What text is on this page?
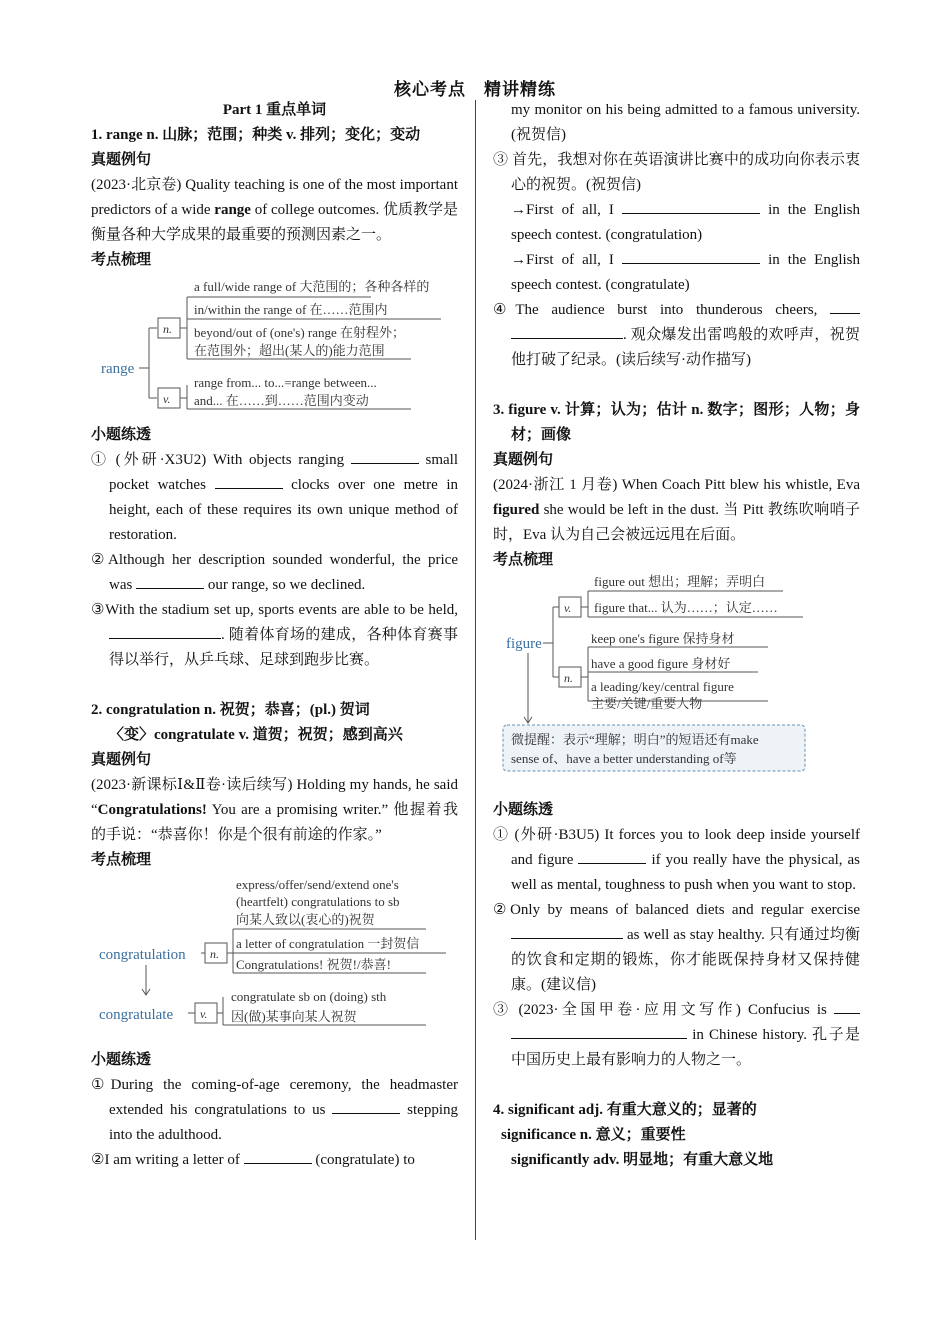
核心考点　精讲精练
Part 1 重点单词
1. range n. 山脉；范围；种类 v. 排列；变化；变动
真题例句
(2023·北京卷) Quality teaching is one of the most important predictors of a wide range of college outcomes. 优质教学是衡量各种大学成果的最重要的预测因素之一。
考点梳理
range
n.
v.
a full/wide range of 大范围的；各种各样的
in/within the range of 在……范围内
beyond/out of (one's) range 在射程外；
在范围外；超出(某人的)能力范围
range from... to...=range between...
and... 在……到……范围内变动
小题练透
① (外研·X3U2) With objects ranging	small pocket watches	clocks over one metre in height, each of these requires its own unique method of restoration.
②Although her description sounded wonderful, the price was	our range, so we declined.
③With the stadium set up, sports events are able to be held, . 随着体育场的建成，各种体育赛事得以举行，从乒乓球、足球到跑步比赛。
2. congratulation n. 祝贺；恭喜；(pl.) 贺词
〈变〉congratulate v. 道贺；祝贺；感到高兴
真题例句
(2023·新课标Ⅰ&Ⅱ卷·读后续写) Holding my hands, he said “Congratulations! You are a promising writer.” 他握着我的手说：“恭喜你！你是个很有前途的作家。”
考点梳理
congratulation
congratulate
n.
v.
express/offer/send/extend one's
(heartfelt) congratulations to sb
向某人致以(衷心的)祝贺
a letter of congratulation 一封贺信
Congratulations! 祝贺!/恭喜!
congratulate sb on (doing) sth
因(做)某事向某人祝贺
小题练透
①During the coming-of-age ceremony, the headmaster extended his congratulations to us	stepping into the adulthood.
②I am writing a letter of	(congratulate) to
my monitor on his being admitted to a famous university. (祝贺信)
③ 首先，我想对你在英语演讲比赛中的成功向你表示衷心的祝贺。(祝贺信)
→First of all, I	in the English speech contest. (congratulation)
→First of all, I	in the English speech contest. (congratulate)
④The audience burst into thunderous cheers,  . 观众爆发出雷鸣般的欢呼声，祝贺他打破了纪录。(读后续写·动作描写)
3. figure v. 计算；认为；估计 n. 数字；图形；人物；身材；画像
真题例句
(2024·浙江 1 月卷) When Coach Pitt blew his whistle, Eva figured she would be left in the dust. 当 Pitt 教练吹响哨子时，Eva 认为自己会被远远甩在后面。
考点梳理
figure
v.
n.
figure out 想出；理解；弄明白
figure that... 认为……；认定……
keep one's figure 保持身材
have a good figure 身材好
a leading/key/central figure
主要/关键/重要人物
微提醒：表示“理解；明白”的短语还有make
sense of、have a better understanding of等
小题练透
① (外研·B3U5) It forces you to look deep inside yourself and figure	if you really have the physical, as well as mental, toughness to push when you want to stop.
②Only by means of balanced diets and regular exercise  as well as stay healthy. 只有通过均衡的饮食和定期的锻炼，你才能既保持身材又保持健康。(建议信)
③ (2023·全国甲卷·应用文写作) Confucius is   in Chinese history. 孔子是中国历史上最有影响力的人物之一。
4. significant adj. 有重大意义的；显著的
significance n. 意义；重要性
significantly adv. 明显地；有重大意义地
